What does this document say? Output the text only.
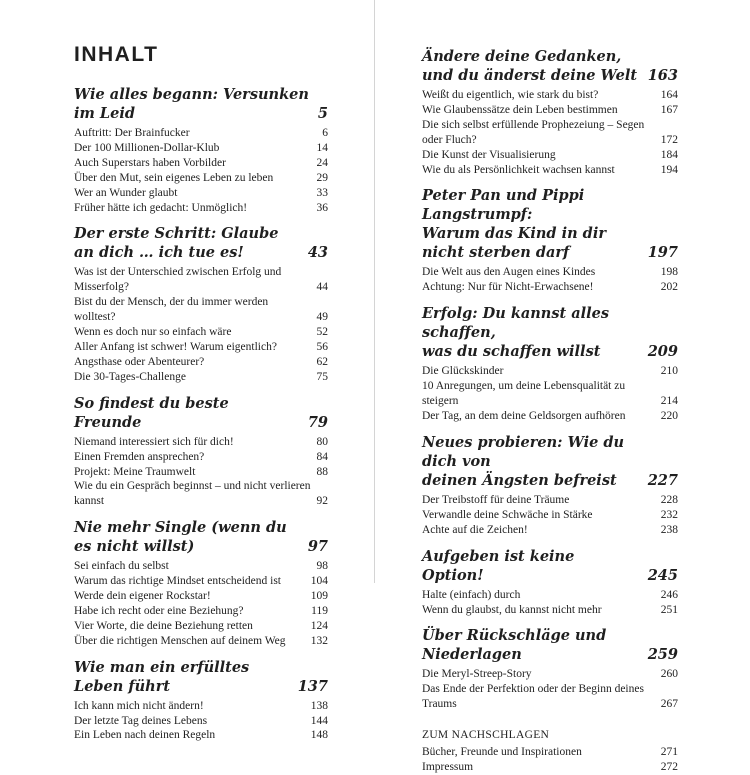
INHALT
Wie alles begann: Versunken im Leid	5
Auftritt: Der Brainfucker	6
Der 100 Millionen-Dollar-Klub	14
Auch Superstars haben Vorbilder	24
Über den Mut, sein eigenes Leben zu leben	29
Wer an Wunder glaubt	33
Früher hätte ich gedacht: Unmöglich!	36
Der erste Schritt: Glaube an dich … ich tue es!	43
Was ist der Unterschied zwischen Erfolg und Misserfolg?	44
Bist du der Mensch, der du immer werden wolltest?	49
Wenn es doch nur so einfach wäre	52
Aller Anfang ist schwer! Warum eigentlich?	56
Angsthase oder Abenteurer?	62
Die 30-Tages-Challenge	75
So findest du beste Freunde	79
Niemand interessiert sich für dich!	80
Einen Fremden ansprechen?	84
Projekt: Meine Traumwelt	88
Wie du ein Gespräch beginnst – und nicht verlieren kannst	92
Nie mehr Single (wenn du es nicht willst)	97
Sei einfach du selbst	98
Warum das richtige Mindset entscheidend ist	104
Werde dein eigener Rockstar!	109
Habe ich recht oder eine Beziehung?	119
Vier Worte, die deine Beziehung retten	124
Über die richtigen Menschen auf deinem Weg	132
Wie man ein erfülltes Leben führt	137
Ich kann mich nicht ändern!	138
Der letzte Tag deines Lebens	144
Ein Leben nach deinen Regeln	148
Ändere deine Gedanken, und du änderst deine Welt 163
Weißt du eigentlich, wie stark du bist?	164
Wie Glaubenssätze dein Leben bestimmen	167
Die sich selbst erfüllende Prophezeiung – Segen
oder Fluch?	172
Die Kunst der Visualisierung	184
Wie du als Persönlichkeit wachsen kannst	194
Peter Pan und Pippi Langstrumpf:
Warum das Kind in dir nicht sterben darf	197
Die Welt aus den Augen eines Kindes	198
Achtung: Nur für Nicht-Erwachsene!	202
Erfolg: Du kannst alles schaffen,
was du schaffen willst	209
Die Glückskinder	210
10 Anregungen, um deine Lebensqualität zu steigern	214
Der Tag, an dem deine Geldsorgen aufhören	220
Neues probieren: Wie du dich von
deinen Ängsten befreist	227
Der Treibstoff für deine Träume	228
Verwandle deine Schwäche in Stärke	232
Achte auf die Zeichen!	238
Aufgeben ist keine Option!	245
Halte (einfach) durch	246
Wenn du glaubst, du kannst nicht mehr	251
Über Rückschläge und Niederlagen	259
Die Meryl-Streep-Story	260
Das Ende der Perfektion oder der Beginn deines Traums	267
ZUM NACHSCHLAGEN
Bücher, Freunde und Inspirationen	271
Impressum	272
